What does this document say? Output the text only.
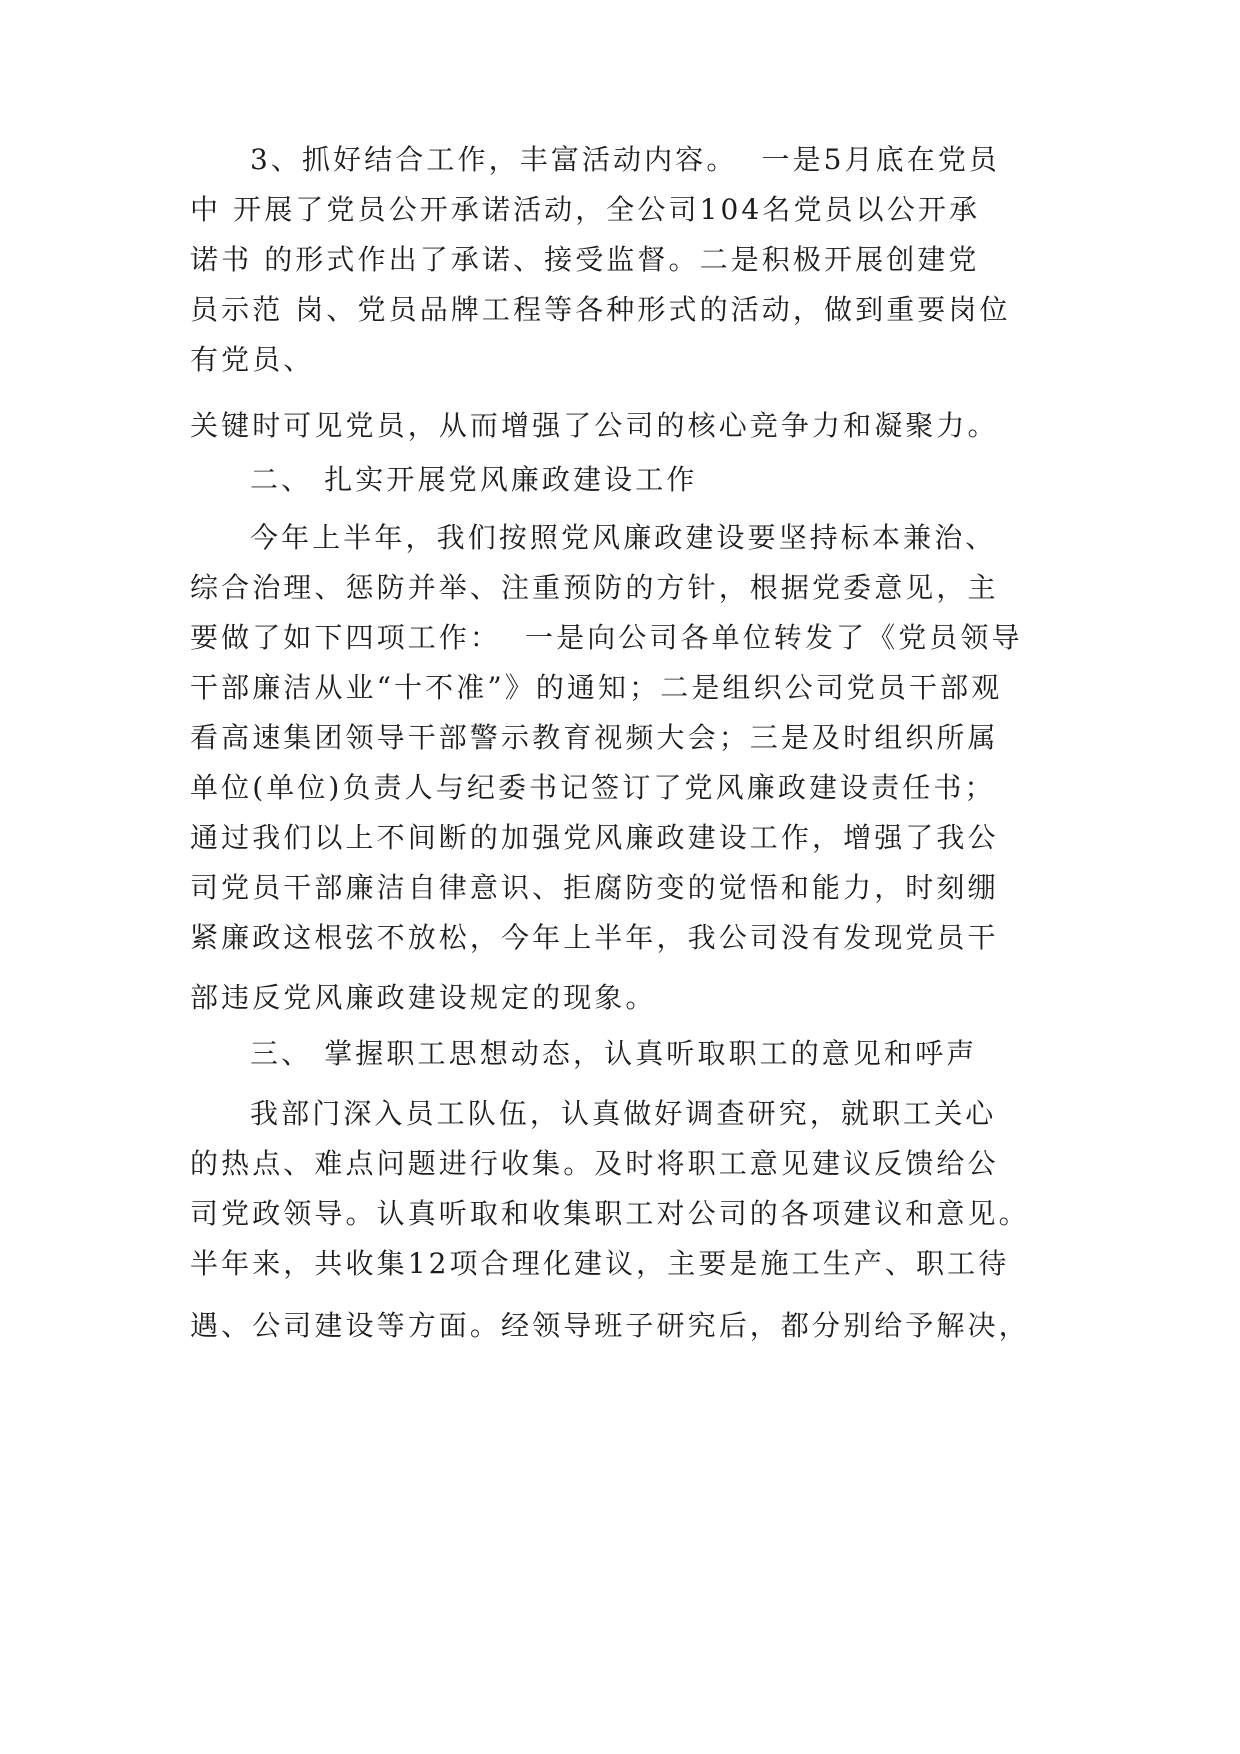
3、抓好结合工作，丰富活动内容。  一是5月底在党员

中 开展了党员公开承诺活动，全公司104名党员以公开承

诺书 的形式作出了承诺、接受监督。二是积极开展创建党

员示范 岗、党员品牌工程等各种形式的活动，做到重要岗位

有党员、

关键时可见党员，从而增强了公司的核心竞争力和凝聚力。

二、 扎实开展党风廉政建设工作

今年上半年，我们按照党风廉政建设要坚持标本兼治、

综合治理、惩防并举、注重预防的方针，根据党委意见，主

要做了如下四项工作：  一是向公司各单位转发了《党员领导

干部廉洁从业“十不准”》的通知；二是组织公司党员干部观

看高速集团领导干部警示教育视频大会；三是及时组织所属

单位(单位)负责人与纪委书记签订了党风廉政建设责任书；

通过我们以上不间断的加强党风廉政建设工作，增强了我公

司党员干部廉洁自律意识、拒腐防变的觉悟和能力，时刻绷

紧廉政这根弦不放松，今年上半年，我公司没有发现党员干

部违反党风廉政建设规定的现象。

三、 掌握职工思想动态，认真听取职工的意见和呼声

我部门深入员工队伍，认真做好调查研究，就职工关心

的热点、难点问题进行收集。及时将职工意见建议反馈给公

司党政领导。认真听取和收集职工对公司的各项建议和意见。

半年来，共收集12项合理化建议，主要是施工生产、职工待

遇、公司建设等方面。经领导班子研究后，都分别给予解决，
